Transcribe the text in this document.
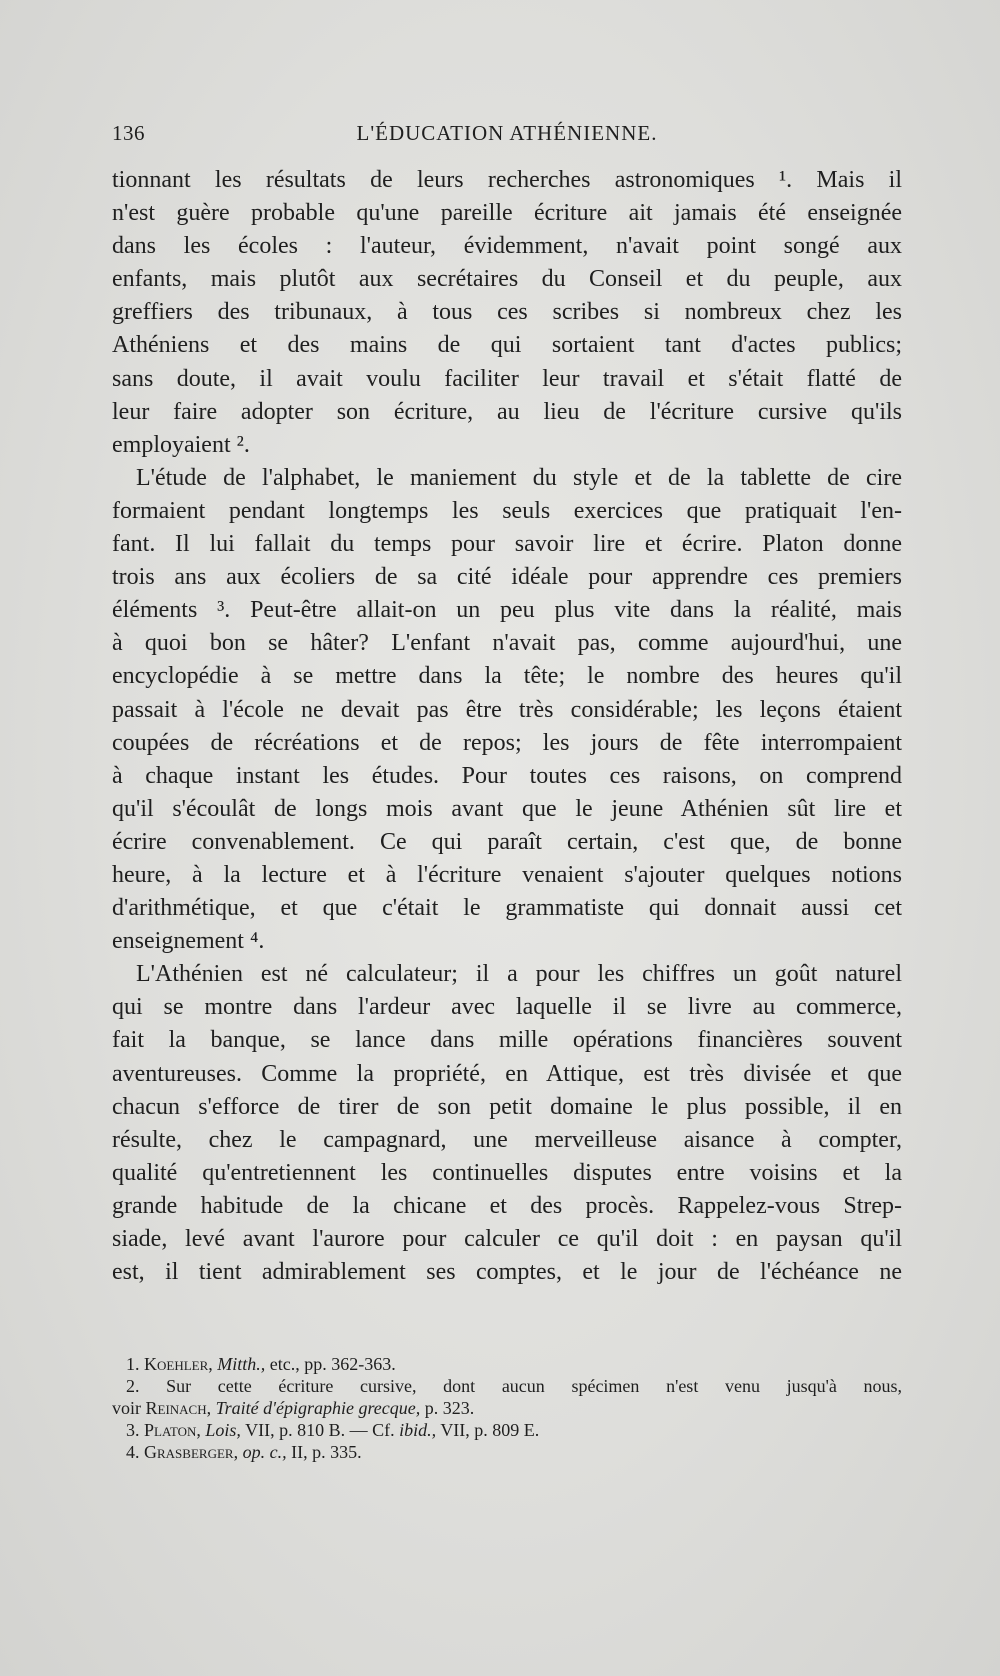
136	L'ÉDUCATION ATHÉNIENNE.
tionnant les résultats de leurs recherches astronomiques ¹. Mais il
n'est guère probable qu'une pareille écriture ait jamais été enseignée
dans les écoles : l'auteur, évidemment, n'avait point songé aux
enfants, mais plutôt aux secrétaires du Conseil et du peuple, aux
greffiers des tribunaux, à tous ces scribes si nombreux chez les
Athéniens et des mains de qui sortaient tant d'actes publics;
sans doute, il avait voulu faciliter leur travail et s'était flatté de
leur faire adopter son écriture, au lieu de l'écriture cursive qu'ils
employaient ².
L'étude de l'alphabet, le maniement du style et de la tablette de cire
formaient pendant longtemps les seuls exercices que pratiquait l'en-
fant. Il lui fallait du temps pour savoir lire et écrire. Platon donne
trois ans aux écoliers de sa cité idéale pour apprendre ces premiers
éléments ³. Peut-être allait-on un peu plus vite dans la réalité, mais
à quoi bon se hâter? L'enfant n'avait pas, comme aujourd'hui, une
encyclopédie à se mettre dans la tête; le nombre des heures qu'il
passait à l'école ne devait pas être très considérable; les leçons étaient
coupées de récréations et de repos; les jours de fête interrompaient
à chaque instant les études. Pour toutes ces raisons, on comprend
qu'il s'écoulât de longs mois avant que le jeune Athénien sût lire et
écrire convenablement. Ce qui paraît certain, c'est que, de bonne
heure, à la lecture et à l'écriture venaient s'ajouter quelques notions
d'arithmétique, et que c'était le grammatiste qui donnait aussi cet
enseignement ⁴.
L'Athénien est né calculateur; il a pour les chiffres un goût naturel
qui se montre dans l'ardeur avec laquelle il se livre au commerce,
fait la banque, se lance dans mille opérations financières souvent
aventureuses. Comme la propriété, en Attique, est très divisée et que
chacun s'efforce de tirer de son petit domaine le plus possible, il en
résulte, chez le campagnard, une merveilleuse aisance à compter,
qualité qu'entretiennent les continuelles disputes entre voisins et la
grande habitude de la chicane et des procès. Rappelez-vous Strep-
siade, levé avant l'aurore pour calculer ce qu'il doit : en paysan qu'il
est, il tient admirablement ses comptes, et le jour de l'échéance ne
1. Koehler, Mitth., etc., pp. 362-363.
2. Sur cette écriture cursive, dont aucun spécimen n'est venu jusqu'à nous,
voir Reinach, Traité d'épigraphie grecque, p. 323.
3. Platon, Lois, VII, p. 810 B. — Cf. ibid., VII, p. 809 E.
4. Grasberger, op. c., II, p. 335.
